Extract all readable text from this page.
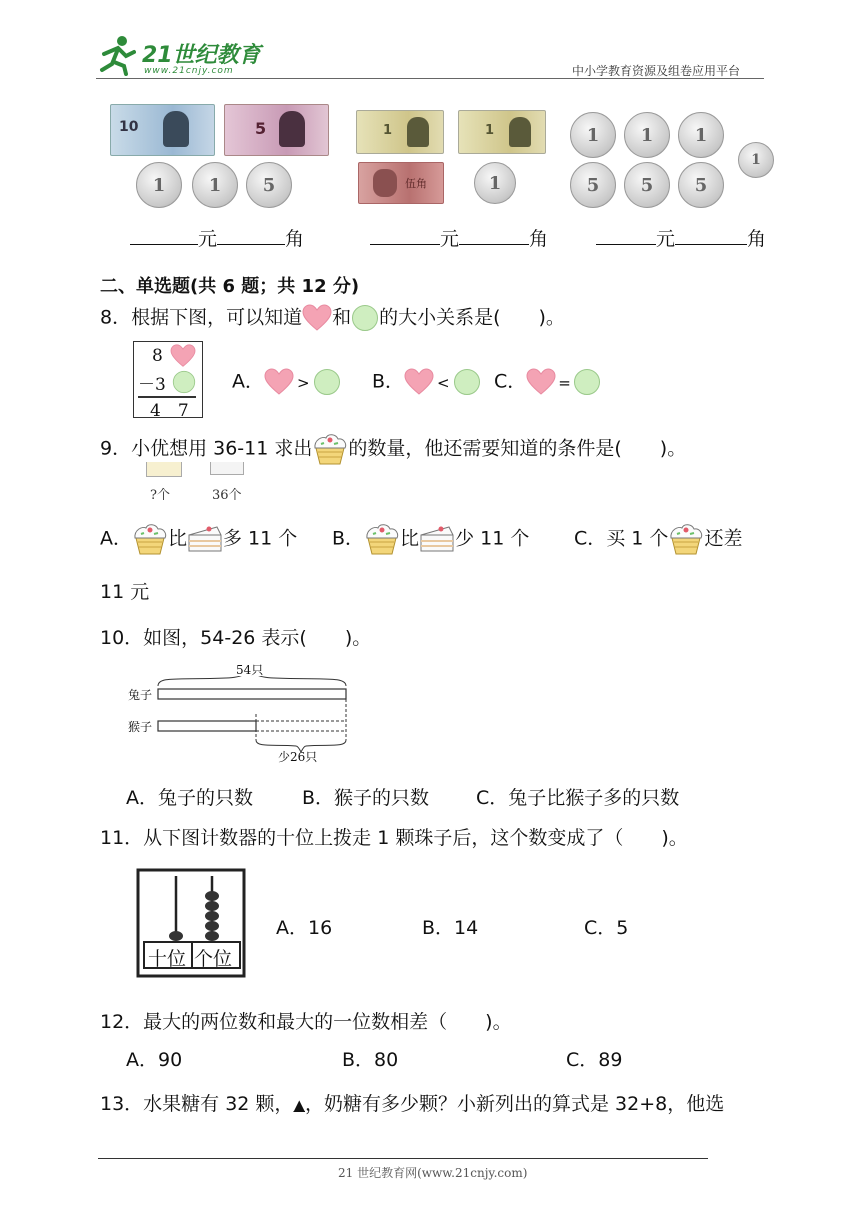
21世纪教育
www.21cnjy.com	中小学教育资源及组卷应用平台
10	5
1	1	5
1	1
伍角	1
1	1	1
1
5	5	5
元	角	元	角	元	角
二、单选题(共 6 题；共 12 分)
8．根据下图，可以知道 和 的大小关系是(　　)。
8
－3
4　7
A． >	B． <	C． =
9．小优想用 36-11 求出 的数量，他还需要知道的条件是(　　)。
?个	36个
A． 比 多 11 个 B． 比 少 11 个 C．买 1 个 还差
11 元
10．如图，54-26 表示(　　)。
54只
兔子
猴子
少26只
A．兔子的只数	B．猴子的只数 C．兔子比猴子多的只数
11．从下图计数器的十位上拨走 1 颗珠子后，这个数变成了（　　)。
十位 个位
A．16	B．14	C．5
12．最大的两位数和最大的一位数相差（　　)。
A．90	B．80	C．89
13．水果糖有 32 颗，▲，奶糖有多少颗？小新列出的算式是 32+8，他选
21 世纪教育网(www.21cnjy.com)
